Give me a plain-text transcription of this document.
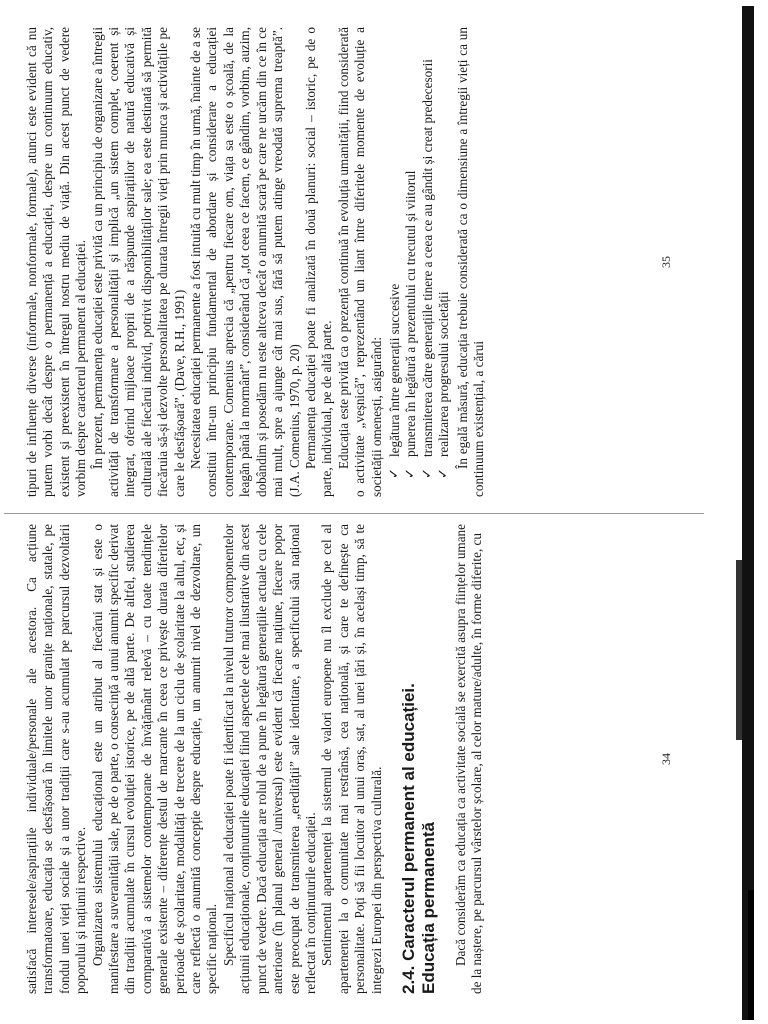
satisfacă interesele/aspirațiile individuale/personale ale acestora. Ca acțiune transformatoare, educația se desfășoară în limitele unor granițe naționale, statale, pe fondul unei vieți sociale și a unor tradiții care s-au acumulat pe parcursul dezvoltării poporului și națiunii respective. Organizarea sistemului educațional este un atribut al fiecărui stat și este o manifestare a suveranității sale, pe de o parte, o consecință a unui anumit specific derivat din tradiții acumulate în cursul evoluției istorice, pe de altă parte. De altfel, studierea comparativă a sistemelor contemporane de învățământ relevă – cu toate tendințele generale existente – diferențe destul de marcante în ceea ce privește durata diferitelor perioade de școlaritate, modalități de trecere de la un ciclu de școlaritate la altul, etc, și care reflectă o anumită concepție despre educație, un anumit nivel de dezvoltare, un specific național. Specificul național al educației poate fi identificat la nivelul tuturor componentelor acțiunii educaționale, conținuturile educației fiind aspectele cele mai ilustrative din acest punct de vedere. Dacă educația are rolul de a pune în legătură generațiile actuale cu cele anterioare (în planul general /universal) este evident că fiecare națiune, fiecare popor este preocupat de transmiterea „eredității” sale identitare, a specificului său național reflectat în conținuturile educației. Sentimentul apartenenței la sistemul de valori europene nu îl exclude pe cel al apartenenței la o comunitate mai restrânsă, cea națională, și care te definește ca personalitate. Poți să fii locuitor al unui oraș, sat, al unei țări și, în același timp, să te integrezi Europei din perspectiva culturală. 2.4. Caracterul permanent al educației. Educația permanentă Dacă considerăm ca educația ca activitate socială se exercită asupra ființelor umane de la naștere, pe parcursul vârstelor școlare, al celor mature/adulte, în forme diferite, cu	34

tipuri de influențe diverse (informale, nonformale, formale), atunci este evident că nu putem vorbi decât despre o permanență a educației, despre un continuum educativ, existent și preexistent în întregul nostru mediu de viață. Din acest punct de vedere vorbim despre caracterul permanent al educației. În prezent, permanența educației este privită ca un principiu de organizare a întregii activități de transformare a personalității și implică „un sistem complet, coerent și integrat, oferind mijloace proprii de a răspunde aspirațiilor de natură educativă și culturală ale fiecărui individ, potrivit disponibilităților sale; ea este destinată să permită fiecăruia să-și dezvolte personalitatea pe durata întregii vieți prin munca și activitățile pe care le desfășoară”. (Dave, R.H., 1991) Necesitatea educației permanente a fost intuită cu mult timp în urmă, înainte de a se constitui într-un principiu fundamental de abordare și considerare a educației contemporane. Comenius aprecia că „pentru fiecare om, viața sa este o școală, de la leagăn până la mormânt”, considerând că „tot ceea ce facem, ce gândim, vorbim, auzim, dobândim și posedăm nu este altceva decât o anumită scară pe care ne urcăm din ce în ce mai mult, spre a ajunge cât mai sus, fără să putem atinge vreodată suprema treaptă”. (J.A. Comenius, 1970, p. 20) Permanența educației poate fi analizată în două planuri: social – istoric, pe de o parte, individual, pe de altă parte. Educația este privită ca o prezență continuă în evoluția umanității, fiind considerată o activitate „veșnică”, reprezentând un liant între diferitele momente de evoluție a societății omenești, asigurând: ✓
legătura între generații succesive
✓
punerea în legătură a prezentului cu trecutul și viitorul
✓
transmiterea către generațiile tinere a ceea ce au gândit și creat predecesorii
✓
realizarea progresului societății În egală măsură, educația trebuie considerată ca o dimensiune a întregii vieți ca un continuum existențial, a cărui

35
